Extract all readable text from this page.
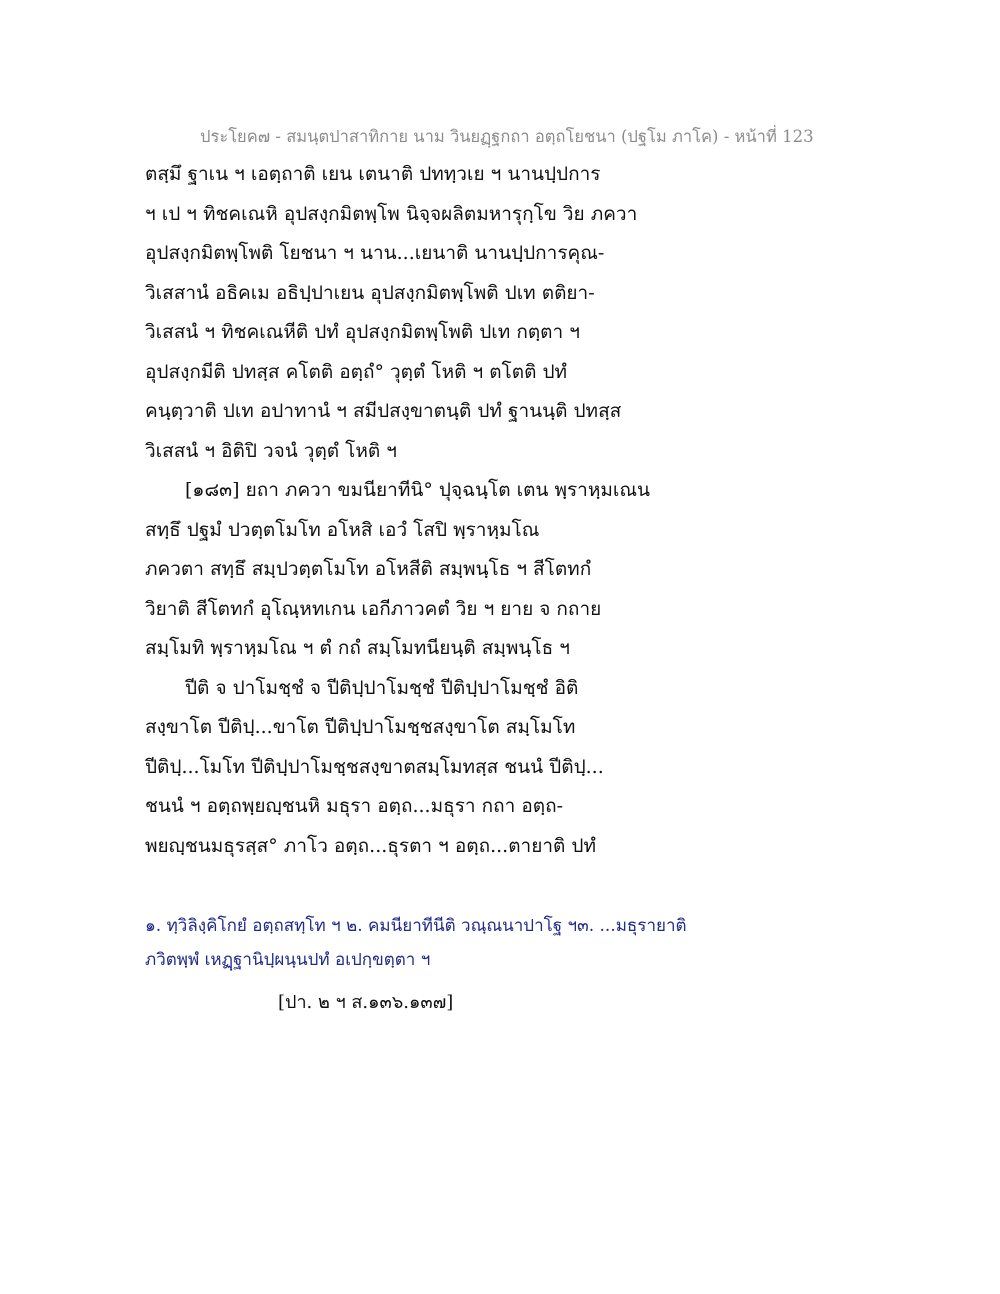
ประโยค๗ - สมนฺตปาสาทิกาย นาม วินยฏฺฐกถา อตฺถโยชนา (ปฐโม ภาโค) - หน้าที่ 123
ตสฺมึ ฐาเน ฯ เอตฺถาติ เยน เตนาติ ปททฺวเย ฯ นานปฺปการ
ฯ เป ฯ ทิชคเณหิ อุปสงฺกมิตพฺโพ นิจฺจผลิตมหารุกฺโข วิย ภควา
อุปสงฺกมิตพฺโพติ โยชนา ฯ นาน...เยนาติ นานปฺปการคุณ-
วิเสสานํ อธิคเม อธิปฺปาเยน อุปสงฺกมิตพฺโพติ ปเท ตติยา-
วิเสสนํ ฯ ทิชคเณหีติ ปทํ อุปสงฺกมิตพฺโพติ ปเท กตฺตา ฯ
อุปสงฺกมีติ ปทสฺส คโตติ อตฺถํ° วุตฺตํ โหติ ฯ ตโตติ ปทํ
คนฺตฺวาติ ปเท อปาทานํ ฯ สมีปสงฺขาตนฺติ ปทํ ฐานนฺติ ปทสฺส
วิเสสนํ ฯ อิติปิ วจนํ วุตฺตํ โหติ ฯ
[๑๘๓] ยถา ภควา ขมนียาทีนิ° ปุจฺฉนฺโต เตน พฺราหฺมเณน
สทฺธึ ปฐมํ ปวตฺตโมโท อโหสิ เอวํ โสปิ พฺราหฺมโณ
ภควตา สทฺธึ สมฺปวตฺตโมโท อโหสีติ สมฺพนฺโธ ฯ สีโตทกํ
วิยาติ สีโตทกํ อุโณฺหทเกน เอกีภาวคตํ วิย ฯ ยาย จ กถาย
สมฺโมทิ พฺราหฺมโณ ฯ ตํ กถํ สมฺโมทนียนฺติ สมฺพนฺโธ ฯ
ปีติ จ ปาโมชฺชํ จ ปีติปฺปาโมชฺชํ ปีติปฺปาโมชฺชํ อิติ
สงฺขาโต ปีติปฺ...ขาโต ปีติปฺปาโมชฺชสงฺขาโต สมฺโมโท
ปีติปฺ...โมโท ปีติปฺปาโมชฺชสงฺขาตสมฺโมทสฺส ชนนํ ปีติปฺ...
ชนนํ ฯ อตฺถพฺยญฺชนหิ มธุรา อตฺถ...มธุรา กถา อตฺถ-
พยญฺชนมธุรสฺส° ภาโว อตฺถ...ธุรตา ฯ อตฺถ...ตายาติ ปทํ
๑. ทฺวิลิงฺคิโกยํ อตฺถสทฺโท ฯ ๒. คมนียาทีนีติ วณฺณนาปาโฐ ฯ๓. ...มธุรายาติ
ภวิตพฺพํ เหฏฺฐานิปฺผนฺนปทํ อเปกฺขตฺตา ฯ
[ปา. ๒ ฯ ส.๑๓๖.๑๓๗]
